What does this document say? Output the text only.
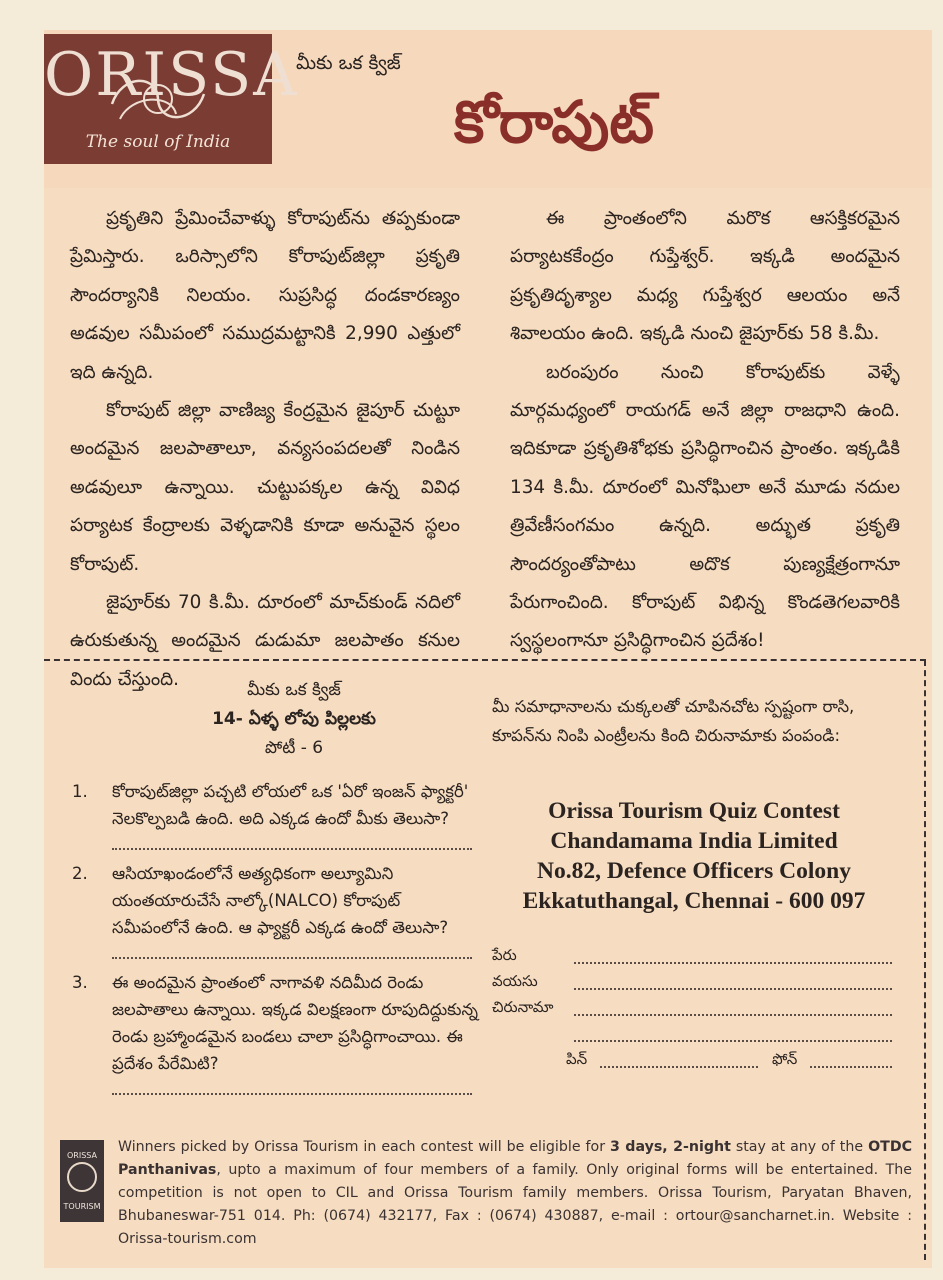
ORISSA
The soul of India
మీకు ఒక క్విజ్
కోరాపుట్

ప్రకృతిని ప్రేమించేవాళ్ళు కోరాపుట్‌ను తప్పకుండా ప్రేమిస్తారు. ఒరిస్సాలోని కోరాపుట్‌జిల్లా ప్రకృతి సౌందర్యానికి నిలయం. సుప్రసిద్ధ దండకారణ్యం అడవుల సమీపంలో సముద్రమట్టానికి 2,990 ఎత్తులో ఇది ఉన్నది.

కోరాపుట్ జిల్లా వాణిజ్య కేంద్రమైన జైపూర్ చుట్టూ అందమైన జలపాతాలూ, వన్యసంపదలతో నిండిన అడవులూ ఉన్నాయి. చుట్టుపక్కల ఉన్న వివిధ పర్యాటక కేంద్రాలకు వెళ్ళడానికి కూడా అనువైన స్థలం కోరాపుట్.

జైపూర్‌కు 70 కి.మీ. దూరంలో మాచ్‌కుండ్ నదిలో ఉరుకుతున్న అందమైన డుడుమా జలపాతం కనుల విందు చేస్తుంది.

ఈ ప్రాంతంలోని మరొక ఆసక్తికరమైన పర్యాటకకేంద్రం గుప్తేశ్వర్. ఇక్కడి అందమైన ప్రకృతిదృశ్యాల మధ్య గుప్తేశ్వర ఆలయం అనే శివాలయం ఉంది. ఇక్కడి నుంచి జైపూర్‌కు 58 కి.మీ.

బరంపురం నుంచి కోరాపుట్‌కు వెళ్ళే మార్గమధ్యంలో రాయగడ్ అనే జిల్లా రాజధాని ఉంది. ఇదికూడా ప్రకృతిశోభకు ప్రసిద్ధిగాంచిన ప్రాంతం. ఇక్కడికి 134 కి.మీ. దూరంలో మినోఘిలా అనే మూడు నదుల త్రివేణీసంగమం ఉన్నది. అద్భుత ప్రకృతి సౌందర్యంతోపాటు అదొక పుణ్యక్షేత్రంగానూ పేరుగాంచింది. కోరాపుట్ విభిన్న కొండతెగలవారికి స్వస్థలంగానూ ప్రసిద్ధిగాంచిన ప్రదేశం!

మీకు ఒక క్విజ్
14- ఏళ్ళ లోపు పిల్లలకు
పోటీ - 6
1. కోరాపుట్‌జిల్లా పచ్చటి లోయలో ఒక 'ఏరో ఇంజన్ ఫ్యాక్టరీ' నెలకొల్పబడి ఉంది. అది ఎక్కడ ఉందో మీకు తెలుసా?
2. ఆసియాఖండంలోనే అత్యధికంగా అల్యూమిని యంతయారుచేసే నాల్కో(NALCO) కోరాపుట్ సమీపంలోనే ఉంది. ఆ ఫ్యాక్టరీ ఎక్కడ ఉందో తెలుసా?
3. ఈ అందమైన ప్రాంతంలో నాగావళి నదిమీద రెండు జలపాతాలు ఉన్నాయి. ఇక్కడ విలక్షణంగా రూపుదిద్దుకున్న రెండు బ్రహ్మాండమైన బండలు చాలా ప్రసిద్ధిగాంచాయి. ఈ ప్రదేశం పేరేమిటి?
మీ సమాధానాలను చుక్కలతో చూపినచోట స్పష్టంగా రాసి, కూపన్‌ను నింపి ఎంట్రీలను కింది చిరునామాకు పంపండి:
Orissa Tourism Quiz Contest
Chandamama India Limited
No.82, Defence Officers Colony
Ekkatuthangal, Chennai - 600 097
పేరు
వయసు
చిరునామా
పిన్	ఫోన్
ORISSA
TOURISM
Winners picked by Orissa Tourism in each contest will be eligible for 3 days, 2-night stay at any of the OTDC Panthanivas, upto a maximum of four members of a family. Only original forms will be entertained. The competition is not open to CIL and Orissa Tourism family members. Orissa Tourism, Paryatan Bhaven, Bhubaneswar-751 014. Ph: (0674) 432177, Fax : (0674) 430887, e-mail : ortour@sancharnet.in. Website : Orissa-tourism.com
